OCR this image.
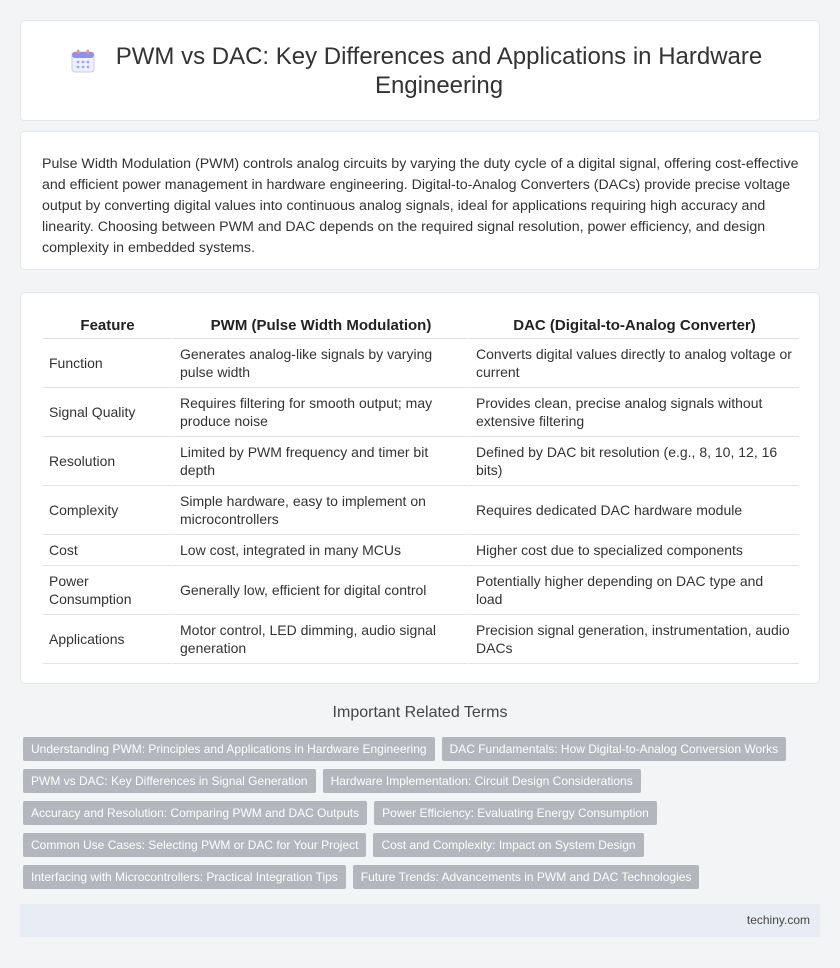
PWM vs DAC: Key Differences and Applications in Hardware Engineering

Pulse Width Modulation (PWM) controls analog circuits by varying the duty cycle of a digital signal, offering cost-effective and efficient power management in hardware engineering. Digital-to-Analog Converters (DACs) provide precise voltage output by converting digital values into continuous analog signals, ideal for applications requiring high accuracy and linearity. Choosing between PWM and DAC depends on the required signal resolution, power efficiency, and design complexity in embedded systems.

Feature	PWM (Pulse Width Modulation)	DAC (Digital-to-Analog Converter)
Function	Generates analog-like signals by varying pulse width	Converts digital values directly to analog voltage or current
Signal Quality	Requires filtering for smooth output; may produce noise	Provides clean, precise analog signals without extensive filtering
Resolution	Limited by PWM frequency and timer bit depth	Defined by DAC bit resolution (e.g., 8, 10, 12, 16 bits)
Complexity	Simple hardware, easy to implement on microcontrollers	Requires dedicated DAC hardware module
Cost	Low cost, integrated in many MCUs	Higher cost due to specialized components
Power Consumption	Generally low, efficient for digital control	Potentially higher depending on DAC type and load
Applications	Motor control, LED dimming, audio signal generation	Precision signal generation, instrumentation, audio DACs
Important Related Terms
Understanding PWM: Principles and Applications in Hardware Engineering	DAC Fundamentals: How Digital-to-Analog Conversion Works
PWM vs DAC: Key Differences in Signal Generation	Hardware Implementation: Circuit Design Considerations
Accuracy and Resolution: Comparing PWM and DAC Outputs	Power Efficiency: Evaluating Energy Consumption
Common Use Cases: Selecting PWM or DAC for Your Project	Cost and Complexity: Impact on System Design
Interfacing with Microcontrollers: Practical Integration Tips	Future Trends: Advancements in PWM and DAC Technologies
techiny.com
